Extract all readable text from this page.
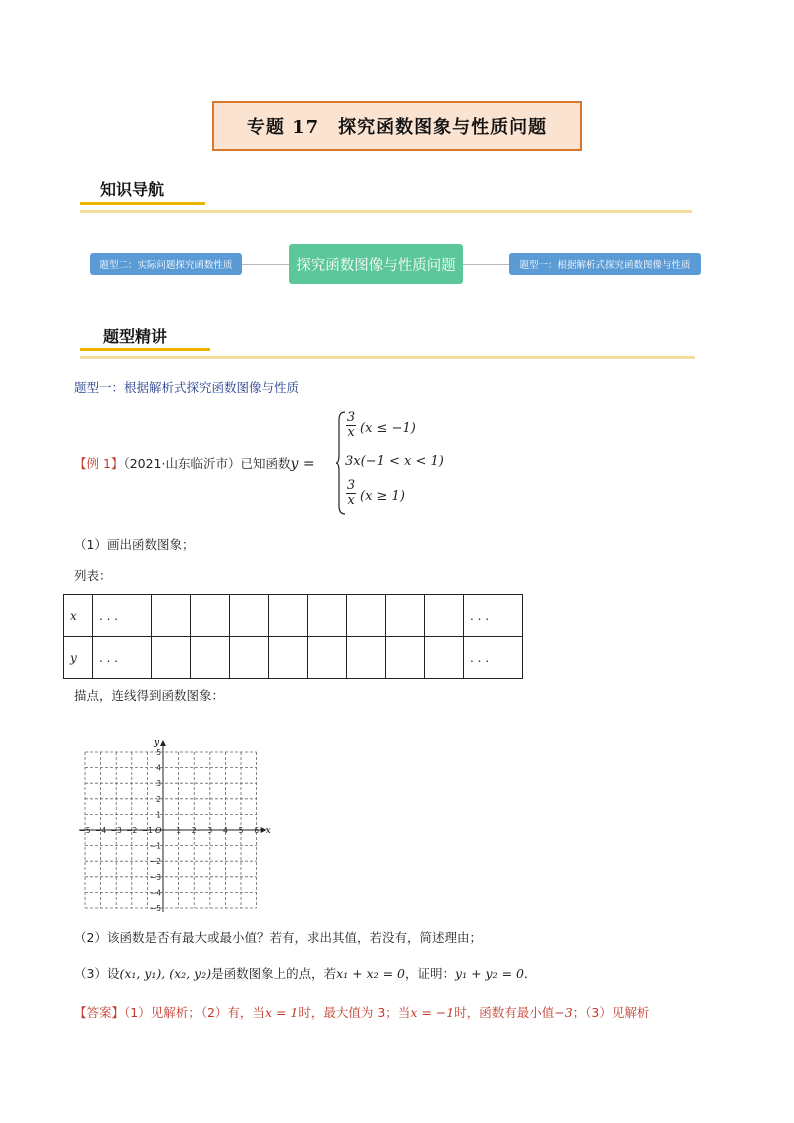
专题 17　探究函数图象与性质问题
知识导航
题型二：实际问题探究函数性质	探究函数图像与性质问题	题型一：根据解析式探究函数图像与性质
题型精讲
题型一：根据解析式探究函数图像与性质
【例 1】（2021·山东临沂市）已知函数y =
$\frac{3}{x} (x \le -1)$
3x(−1 < x < 1)
$\frac{3}{x} (x \ge 1)$
（1）画出函数图象；
列表：
x	. . .									. . .
y	. . .									. . .
描点，连线得到函数图象：
x
y
O
−5 −4 −3 −2 −1	1 2 3 4 5 6
5
4
3
2
1
−1
−2
−3
−4
−5
（2）该函数是否有最大或最小值？若有，求出其值，若没有，简述理由；
（3）设(x₁, y₁), (x₂, y₂)是函数图象上的点，若x₁ + x₂ = 0，证明：y₁ + y₂ = 0．
【答案】（1）见解析；（2）有，当x = 1时，最大值为 3；当x = −1时，函数有最小值−3；（3）见解析
